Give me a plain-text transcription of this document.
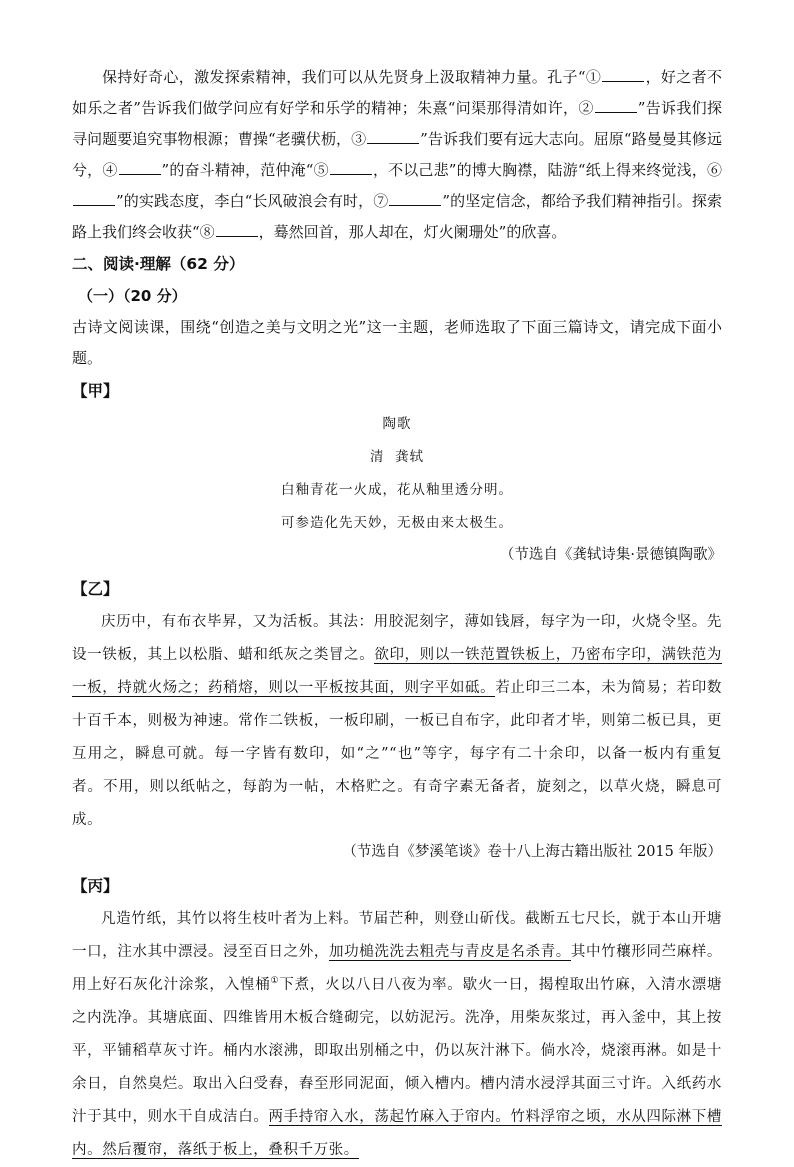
保持好奇心，激发探索精神，我们可以从先贤身上汲取精神力量。孔子“①	，好之者不如乐之者”告诉我们做学问应有好学和乐学的精神；朱熹“问渠那得清如许，②	”告诉我们探寻问题要追究事物根源；曹操“老骥伏枥，③	”告诉我们要有远大志向。屈原“路曼曼其修远兮，④	”的奋斗精神，范仲淹“⑤	，不以己悲”的博大胸襟，陆游“纸上得来终觉浅，⑥”的实践态度，李白“长风破浪会有时，⑦	”的坚定信念，都给予我们精神指引。探索路上我们终会收获“⑧	，蓦然回首，那人却在，灯火阑珊处”的欣喜。

二、阅读·理解（62 分）

（一）（20 分）

古诗文阅读课，围绕“创造之美与文明之光”这一主题，老师选取了下面三篇诗文，请完成下面小题。

【甲】

陶歌

清  龚轼

白釉青花一火成，花从釉里透分明。

可参造化先天妙，无极由来太极生。

（节选自《龚轼诗集·景德镇陶歌》

【乙】

庆历中，有布衣毕昇，又为活板。其法：用胶泥刻字，薄如钱唇，每字为一印，火烧令坚。先设一铁板，其上以松脂、蜡和纸灰之类冒之。欲印，则以一铁范置铁板上，乃密布字印，满铁范为一板，持就火炀之；药稍熔，则以一平板按其面，则字平如砥。若止印三二本，未为简易；若印数十百千本，则极为神速。常作二铁板，一板印刷，一板已自布字，此印者才毕，则第二板已具，更互用之，瞬息可就。每一字皆有数印，如“之”“也”等字，每字有二十余印，以备一板内有重复者。不用，则以纸帖之，每韵为一帖，木格贮之。有奇字素无备者，旋刻之，以草火烧，瞬息可成。

（节选自《梦溪笔谈》卷十八上海古籍出版社 2015 年版）

【丙】

凡造竹纸，其竹以将生枝叶者为上料。节届芒种，则登山斫伐。截断五七尺长，就于本山开塘一口，注水其中漂浸。浸至百日之外，加功槌洗洗去粗壳与青皮是名杀青。其中竹穰形同苎麻样。用上好石灰化汁涂浆，入惶桶①下煮，火以八日八夜为率。歇火一日，揭楻取出竹麻，入清水漂塘之内洗净。其塘底面、四维皆用木板合缝砌完，以妨泥污。洗净，用柴灰浆过，再入釜中，其上按平，平铺稻草灰寸许。桶内水滚沸，即取出别桶之中，仍以灰汁淋下。倘水冷，烧滚再淋。如是十余日，自然臭烂。取出入臼受舂，舂至形同泥面，倾入槽内。槽内清水浸浮其面三寸许。入纸药水汁于其中，则水干自成洁白。两手持帘入水，荡起竹麻入于帘内。竹料浮帘之顷，水从四际淋下槽内。然后覆帘，落纸于板上，叠积千万张。
